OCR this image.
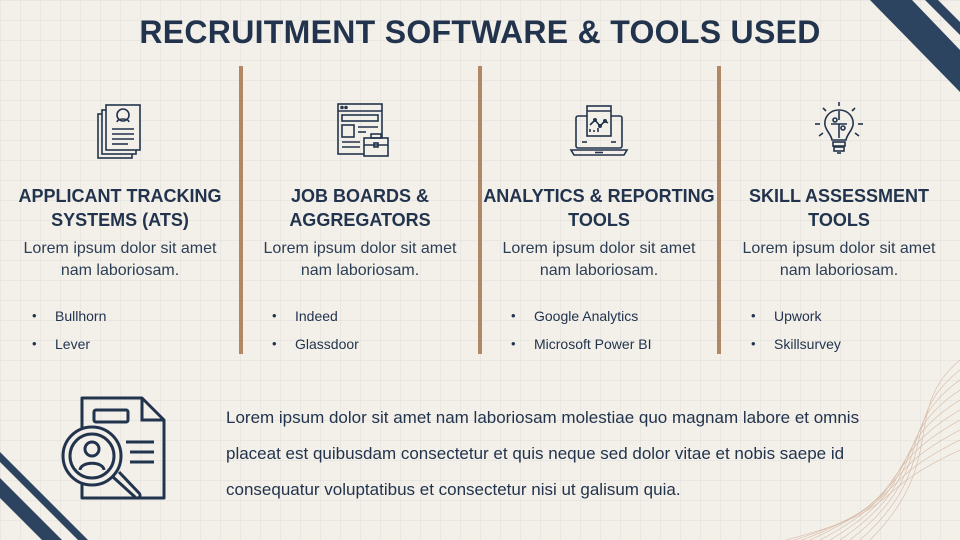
RECRUITMENT SOFTWARE & TOOLS USED
APPLICANT TRACKING SYSTEMS (ATS)
Lorem ipsum dolor sit amet nam laboriosam.
• Bullhorn
• Lever
JOB BOARDS & AGGREGATORS
Lorem ipsum dolor sit amet nam laboriosam.
• Indeed
• Glassdoor
ANALYTICS & REPORTING TOOLS
Lorem ipsum dolor sit amet nam laboriosam.
• Google Analytics
• Microsoft Power BI
SKILL ASSESSMENT TOOLS
Lorem ipsum dolor sit amet nam laboriosam.
• Upwork
• Skillsurvey
Lorem ipsum dolor sit amet nam laboriosam molestiae quo magnam labore et omnis placeat est quibusdam consectetur et quis neque sed dolor vitae et nobis saepe id consequatur voluptatibus et consectetur nisi ut galisum quia.
